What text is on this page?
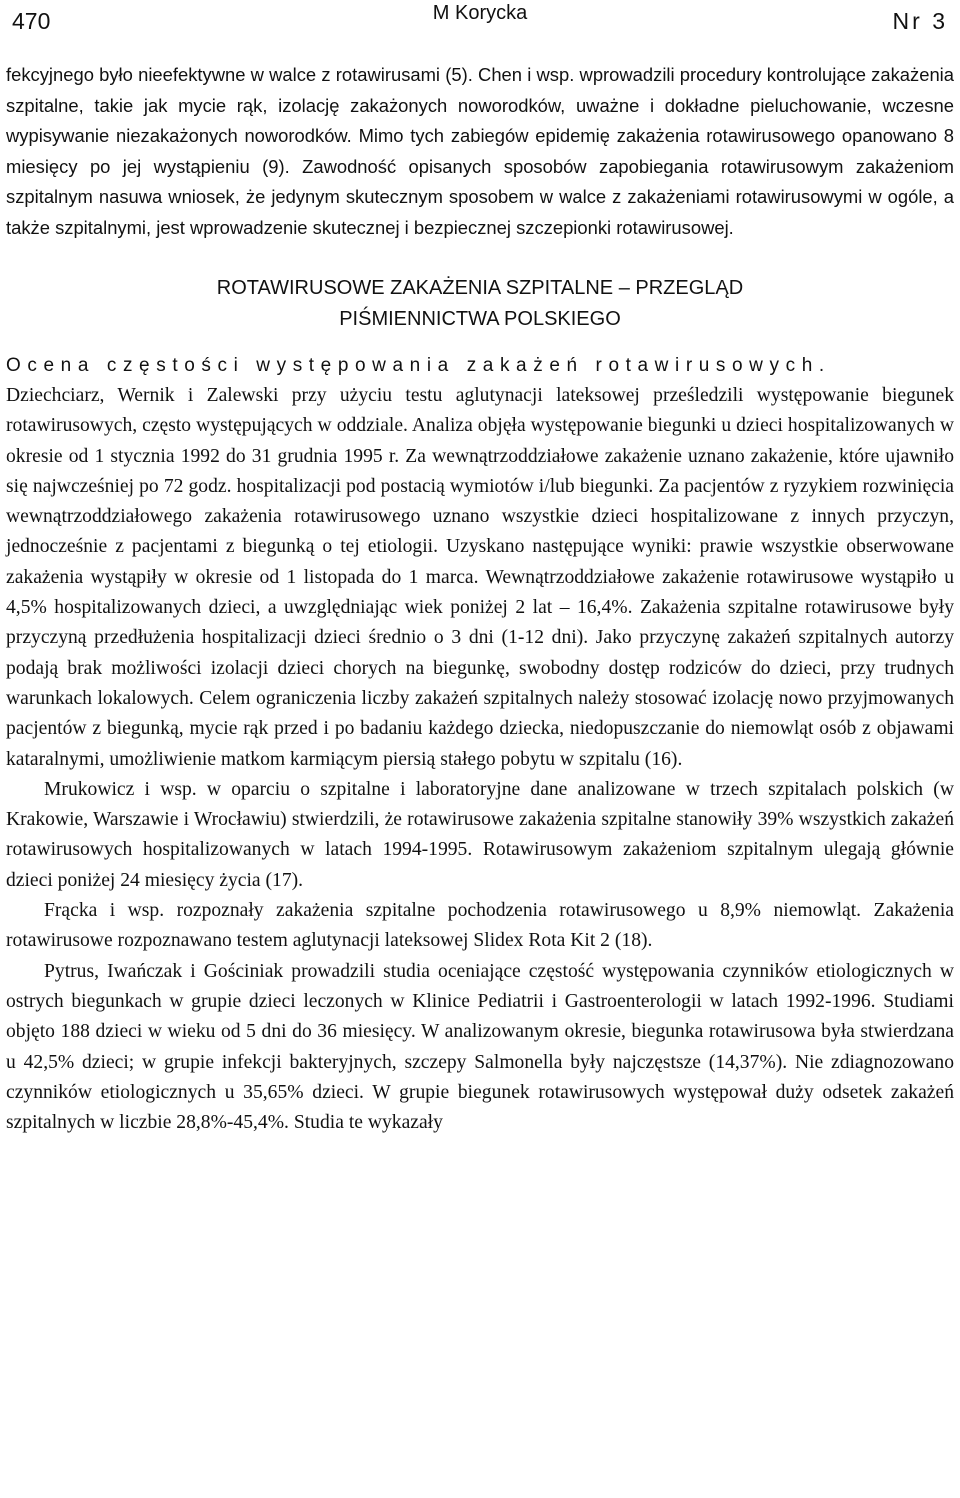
470	M Korycka	Nr 3

fekcyjnego było nieefektywne w walce z rotawirusami (5). Chen i wsp. wprowadzili procedury kontrolujące zakażenia szpitalne, takie jak mycie rąk, izolację zakażonych noworodków, uważne i dokładne pieluchowanie, wczesne wypisywanie niezakażonych noworodków. Mimo tych zabiegów epidemię zakażenia rotawirusowego opanowano 8 miesięcy po jej wystąpieniu (9). Zawodność opisanych sposobów zapobiegania rotawirusowym zakażeniom szpitalnym nasuwa wniosek, że jedynym skutecznym sposobem w walce z zakażeniami rotawirusowymi w ogóle, a także szpitalnymi, jest wprowadzenie skutecznej i bezpiecznej szczepionki rotawirusowej.

ROTAWIRUSOWE ZAKAŻENIA SZPITALNE – PRZEGLĄD
PIŚMIENNICTWA POLSKIEGO
Ocena częstości występowania zakażeń rotawirusowych.

Dziechciarz, Wernik i Zalewski przy użyciu testu aglutynacji lateksowej prześledzili występowanie biegunek rotawirusowych, często występujących w oddziale. Analiza objęła występowanie biegunki u dzieci hospitalizowanych w okresie od 1 stycznia 1992 do 31 grudnia 1995 r. Za wewnątrzoddziałowe zakażenie uznano zakażenie, które ujawniło się najwcześniej po 72 godz. hospitalizacji pod postacią wymiotów i/lub biegunki. Za pacjentów z ryzykiem rozwinięcia wewnątrzoddziałowego zakażenia rotawirusowego uznano wszystkie dzieci hospitalizowane z innych przyczyn, jednocześnie z pacjentami z biegunką o tej etiologii. Uzyskano następujące wyniki: prawie wszystkie obserwowane zakażenia wystąpiły w okresie od 1 listopada do 1 marca. Wewnątrzoddziałowe zakażenie rotawirusowe wystąpiło u 4,5% hospitalizowanych dzieci, a uwzględniając wiek poniżej 2 lat – 16,4%. Zakażenia szpitalne rotawirusowe były przyczyną przedłużenia hospitalizacji dzieci średnio o 3 dni (1-12 dni). Jako przyczynę zakażeń szpitalnych autorzy podają brak możliwości izolacji dzieci chorych na biegunkę, swobodny dostęp rodziców do dzieci, przy trudnych warunkach lokalowych. Celem ograniczenia liczby zakażeń szpitalnych należy stosować izolację nowo przyjmowanych pacjentów z biegunką, mycie rąk przed i po badaniu każdego dziecka, niedopuszczanie do niemowląt osób z objawami kataralnymi, umożliwienie matkom karmiącym piersią stałego pobytu w szpitalu (16).

Mrukowicz i wsp. w oparciu o szpitalne i laboratoryjne dane analizowane w trzech szpitalach polskich (w Krakowie, Warszawie i Wrocławiu) stwierdzili, że rotawirusowe zakażenia szpitalne stanowiły 39% wszystkich zakażeń rotawirusowych hospitalizowanych w latach 1994-1995. Rotawirusowym zakażeniom szpitalnym ulegają głównie dzieci poniżej 24 miesięcy życia (17).

Frącka i wsp. rozpoznały zakażenia szpitalne pochodzenia rotawirusowego u 8,9% niemowląt. Zakażenia rotawirusowe rozpoznawano testem aglutynacji lateksowej Slidex Rota Kit 2 (18).

Pytrus, Iwańczak i Gościniak prowadzili studia oceniające częstość występowania czynników etiologicznych w ostrych biegunkach w grupie dzieci leczonych w Klinice Pediatrii i Gastroenterologii w latach 1992-1996. Studiami objęto 188 dzieci w wieku od 5 dni do 36 miesięcy. W analizowanym okresie, biegunka rotawirusowa była stwierdzana u 42,5% dzieci; w grupie infekcji bakteryjnych, szczepy Salmonella były najczęstsze (14,37%). Nie zdiagnozowano czynników etiologicznych u 35,65% dzieci. W grupie biegunek rotawirusowych występował duży odsetek zakażeń szpitalnych w liczbie 28,8%-45,4%. Studia te wykazały
